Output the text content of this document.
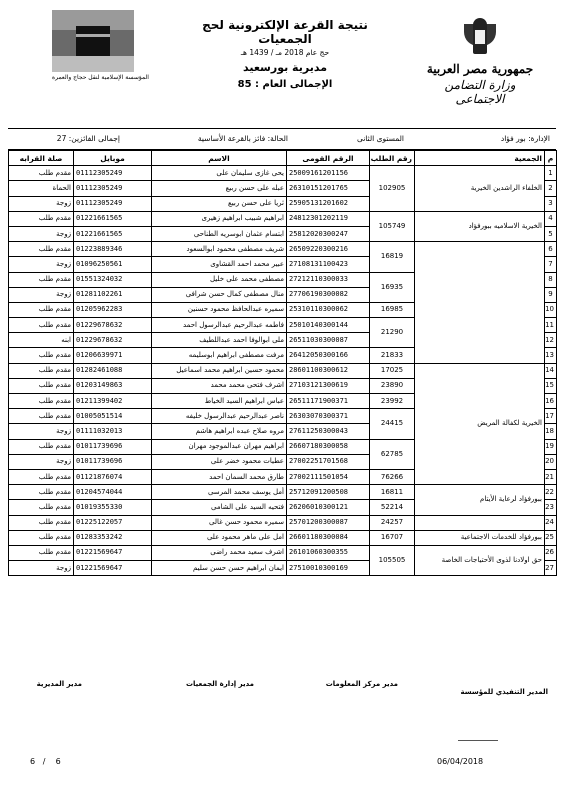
المؤسسة الإسلامية لنقل حجاج والعمرة
نتيجة القرعة الإلكترونية لحج الجمعيات
حج عام 2018 مـ / 1439 هـ
مديرية بورسعيد
الإجمالى العام : 85
جمهورية مصر العربية
وزارة التضامن الاجتماعى
الإدارة: بور فؤاد
المستوى الثانى
الحالة: فائز بالقرعة الأساسية
إجمالى الفائزين: 27
م	الجمعية	رقم الطلب	الرقم القومى	الاسم	موبايل	صلة القرابه
1	الخلفاء الراشدين الخيرية	102905	25009161201156	يحى غازى سليمان على	01112305249	مقدم طلب
2			26310151201765	عبله على حسن ربيع	01112305249	الحماة
3			25905131201602	ثريا على حسن ربيع	01112305249	زوجة
4	الخيرية الاسلاميه ببورفؤاد	105749	24812301202119	ابراهيم شبيب ابراهيم زهيرى	01221661565	مقدم طلب
5			25812020300247	ابتسام عثمان ابوسريه الطناحى	01221661565	زوجة
6		16819	26509220300216	شريف مصطفى محمود ابوالسعود	01223889346	مقدم طلب
7			27108131100423	عبير محمد احمد القشاوى	01096250561	زوجة
8		16935	27212110300033	مصطفى محمد على خليل	01551324032	مقدم طلب
9			27706190300082	منال مصطفى كمال حسن شرافى	01281102261	زوجة
10		16985	25310110300062	سميره عبدالحافظ محمود حسنين	01205962283	مقدم طلب
11		21290	25010140300144	فاطمه عبدالرحيم عبدالرسول احمد	01229678632	مقدم طلب
12			26511030300087	ملى ابوالوفا احمد عبداللطيف	01229678632	ابنه
13		21833	26412050300166	مرفت مصطفى ابراهيم ابوسليمه	01206639971	مقدم طلب
14	الخيرية لكفالة المريض	17025	28601100300612	محمود حسين ابراهيم محمد اسماعيل	01282461088	مقدم طلب
15		23890	27103121300619	اشرف فتحى محمد محمد	01203149863	مقدم طلب
16		23992	26511171900371	عباس ابراهيم السيد الخياط	01211399402	مقدم طلب
17		24415	26303070300371	ناصر عبدالرحيم عبدالرسول خليفه	01005051514	مقدم طلب
18			27611250300043	مروه صلاح عبده ابراهيم هاشم	01111032013	زوجة
19		62785	26607180300058	ابراهيم مهران عبدالموجود مهران	01011739696	مقدم طلب
20			27002251701568	عطيات محمود خضر على	01011739696	زوجة
21		76266	27002111501054	طارق محمد السمان احمد	01121876074	مقدم طلب
22	ببورفؤاد لرعاية الأيتام	16811	25712091200508	أمل يوسف محمد المرسى	01204574044	مقدم طلب
23		52214	26206010300121	فتحيه السيد على الشامى	01019355330	مقدم طلب
24		24257	25701200300087	سميره محمود حسن غالى	01225122057	مقدم طلب
25	ببورفؤاد للخدمات الاجتماعية	16707	26601180300084	امل على ماهر محمود على	01283353242	مقدم طلب
26	حق اولادنا لذوى الأحتياجات الخاصة	105505	26101060300355	اشرف سعيد محمد راضى	01221569647	مقدم طلب
27			27510010300169	ايمان ابراهيم حسن حسن سليم	01221569647	زوجة
مدير المديرية	مدير إدارة الجمعيات	مدير مركز المعلومات
المدير التنفيذي للمؤسسة
6 / 6	06/04/2018
